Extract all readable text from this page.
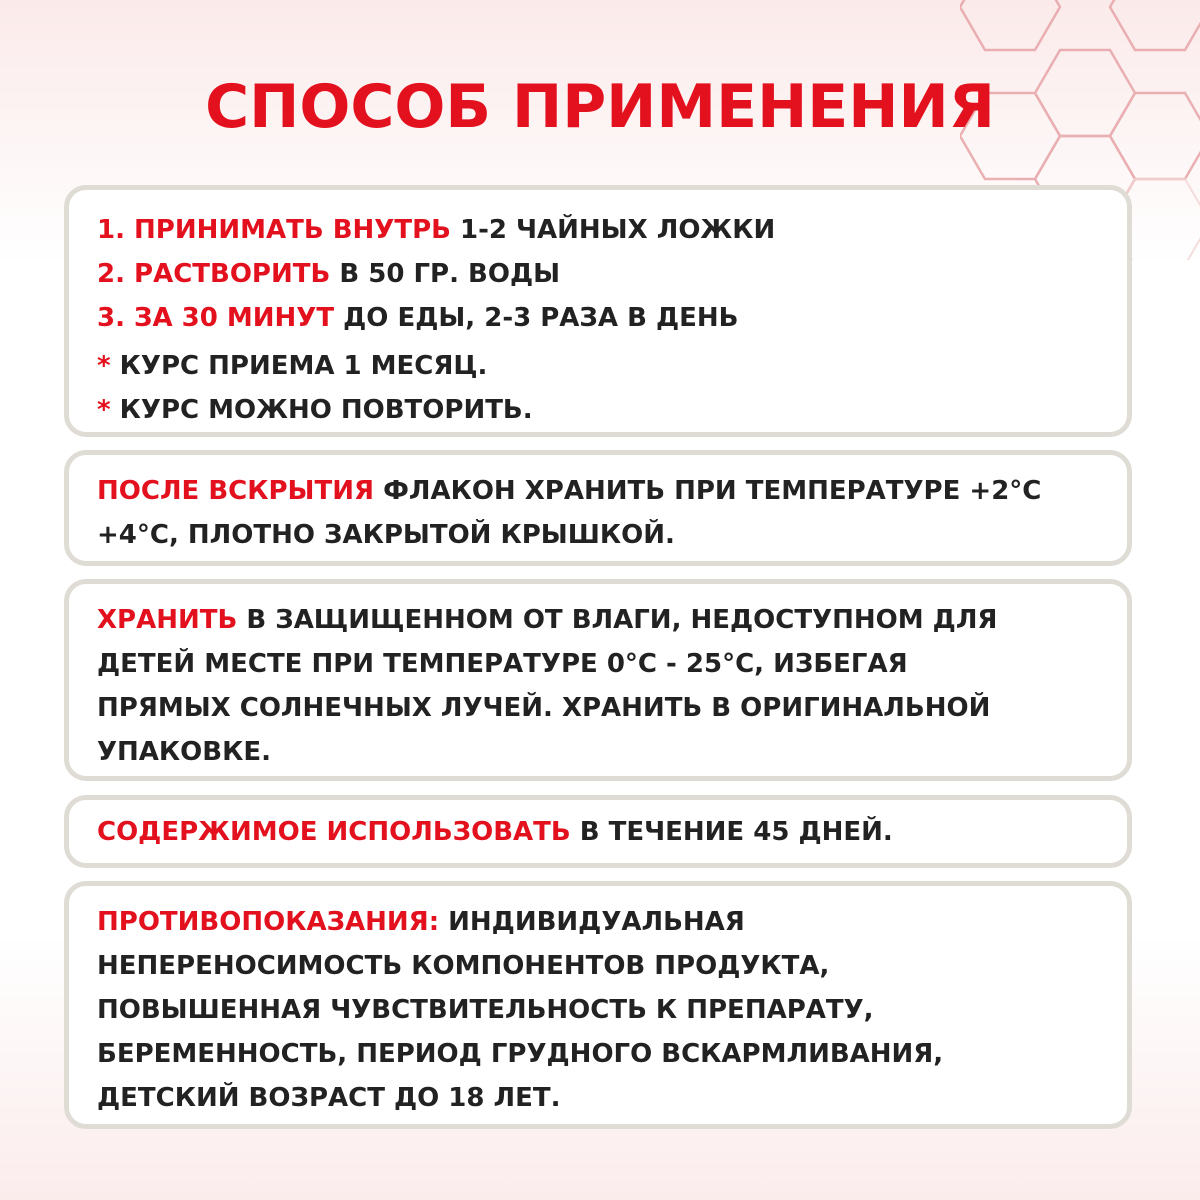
СПОСОБ ПРИМЕНЕНИЯ
1. ПРИНИМАТЬ ВНУТРЬ 1-2 ЧАЙНЫХ ЛОЖКИ
2. РАСТВОРИТЬ В 50 ГР. ВОДЫ
3. ЗА 30 МИНУТ ДО ЕДЫ, 2-3 РАЗА В ДЕНЬ
* КУРС ПРИЕМА 1 МЕСЯЦ.
* КУРС МОЖНО ПОВТОРИТЬ.
ПОСЛЕ ВСКРЫТИЯ ФЛАКОН ХРАНИТЬ ПРИ ТЕМПЕРАТУРЕ +2°С
+4°С, ПЛОТНО ЗАКРЫТОЙ КРЫШКОЙ.
ХРАНИТЬ В ЗАЩИЩЕННОМ ОТ ВЛАГИ, НЕДОСТУПНОМ ДЛЯ
ДЕТЕЙ МЕСТЕ ПРИ ТЕМПЕРАТУРЕ 0°С - 25°С, ИЗБЕГАЯ
ПРЯМЫХ СОЛНЕЧНЫХ ЛУЧЕЙ. ХРАНИТЬ В ОРИГИНАЛЬНОЙ
УПАКОВКЕ.
СОДЕРЖИМОЕ ИСПОЛЬЗОВАТЬ В ТЕЧЕНИЕ 45 ДНЕЙ.
ПРОТИВОПОКАЗАНИЯ: ИНДИВИДУАЛЬНАЯ
НЕПЕРЕНОСИМОСТЬ КОМПОНЕНТОВ ПРОДУКТА,
ПОВЫШЕННАЯ ЧУВСТВИТЕЛЬНОСТЬ К ПРЕПАРАТУ,
БЕРЕМЕННОСТЬ, ПЕРИОД ГРУДНОГО ВСКАРМЛИВАНИЯ,
ДЕТСКИЙ ВОЗРАСТ ДО 18 ЛЕТ.
